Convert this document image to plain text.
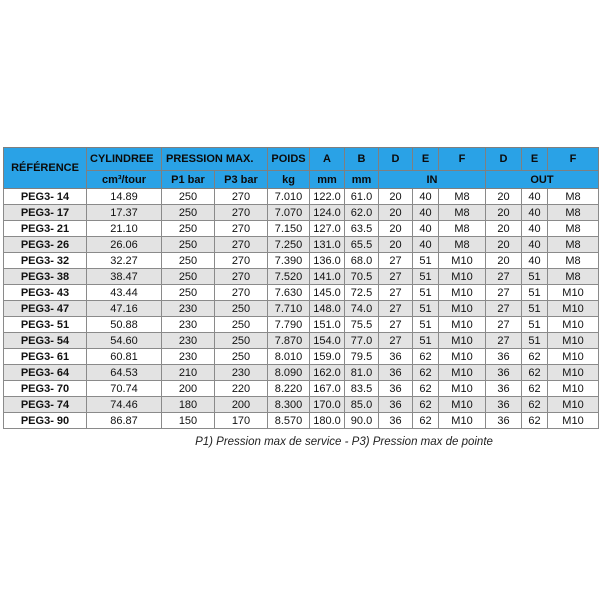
RÉFÉRENCE	CYLINDREE	PRESSION MAX.		POIDS	A	B	D	E	F	D	E	F
	cm³/tour	P1 bar	P3 bar	kg	mm	mm	IN			OUT		
PEG3- 14	14.89	250	270	7.010	122.0	61.0	20	40	M8	20	40	M8
PEG3- 17	17.37	250	270	7.070	124.0	62.0	20	40	M8	20	40	M8
PEG3- 21	21.10	250	270	7.150	127.0	63.5	20	40	M8	20	40	M8
PEG3- 26	26.06	250	270	7.250	131.0	65.5	20	40	M8	20	40	M8
PEG3- 32	32.27	250	270	7.390	136.0	68.0	27	51	M10	20	40	M8
PEG3- 38	38.47	250	270	7.520	141.0	70.5	27	51	M10	27	51	M8
PEG3- 43	43.44	250	270	7.630	145.0	72.5	27	51	M10	27	51	M10
PEG3- 47	47.16	230	250	7.710	148.0	74.0	27	51	M10	27	51	M10
PEG3- 51	50.88	230	250	7.790	151.0	75.5	27	51	M10	27	51	M10
PEG3- 54	54.60	230	250	7.870	154.0	77.0	27	51	M10	27	51	M10
PEG3- 61	60.81	230	250	8.010	159.0	79.5	36	62	M10	36	62	M10
PEG3- 64	64.53	210	230	8.090	162.0	81.0	36	62	M10	36	62	M10
PEG3- 70	70.74	200	220	8.220	167.0	83.5	36	62	M10	36	62	M10
PEG3- 74	74.46	180	200	8.300	170.0	85.0	36	62	M10	36	62	M10
PEG3- 90	86.87	150	170	8.570	180.0	90.0	36	62	M10	36	62	M10
P1) Pression max de service - P3) Pression max de pointe
